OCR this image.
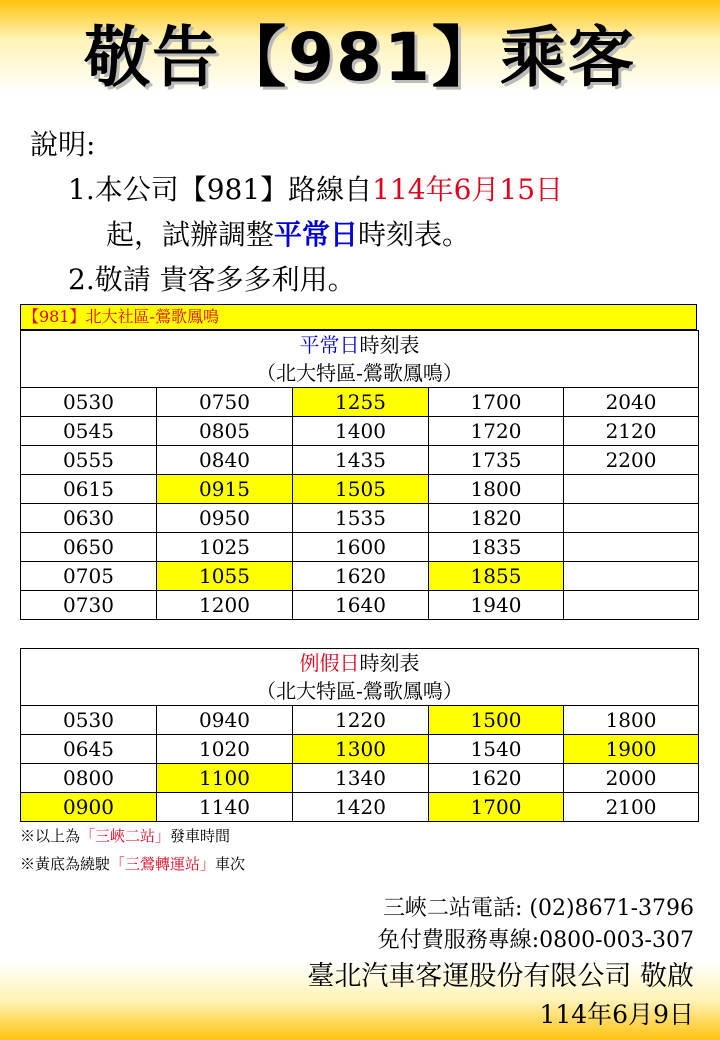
敬告【981】乘客
說明:
1.本公司【981】路線自114年6月15日
起，試辦調整平常日時刻表。
2.敬請 貴客多多利用。
【981】北大社區-鶯歌鳳鳴
平常日時刻表				
（北大特區-鶯歌鳳鳴）				
0530	0750	1255	1700	2040
0545	0805	1400	1720	2120
0555	0840	1435	1735	2200
0615	0915	1505	1800	
0630	0950	1535	1820	
0650	1025	1600	1835	
0705	1055	1620	1855	
0730	1200	1640	1940	
例假日時刻表				
（北大特區-鶯歌鳳鳴）				
0530	0940	1220	1500	1800
0645	1020	1300	1540	1900
0800	1100	1340	1620	2000
0900	1140	1420	1700	2100
※以上為「三峽二站」發車時間
※黃底為繞駛「三鶯轉運站」車次
三峽二站電話: (02)8671-3796
免付費服務專線:0800-003-307
臺北汽車客運股份有限公司 敬啟
114年6月9日
